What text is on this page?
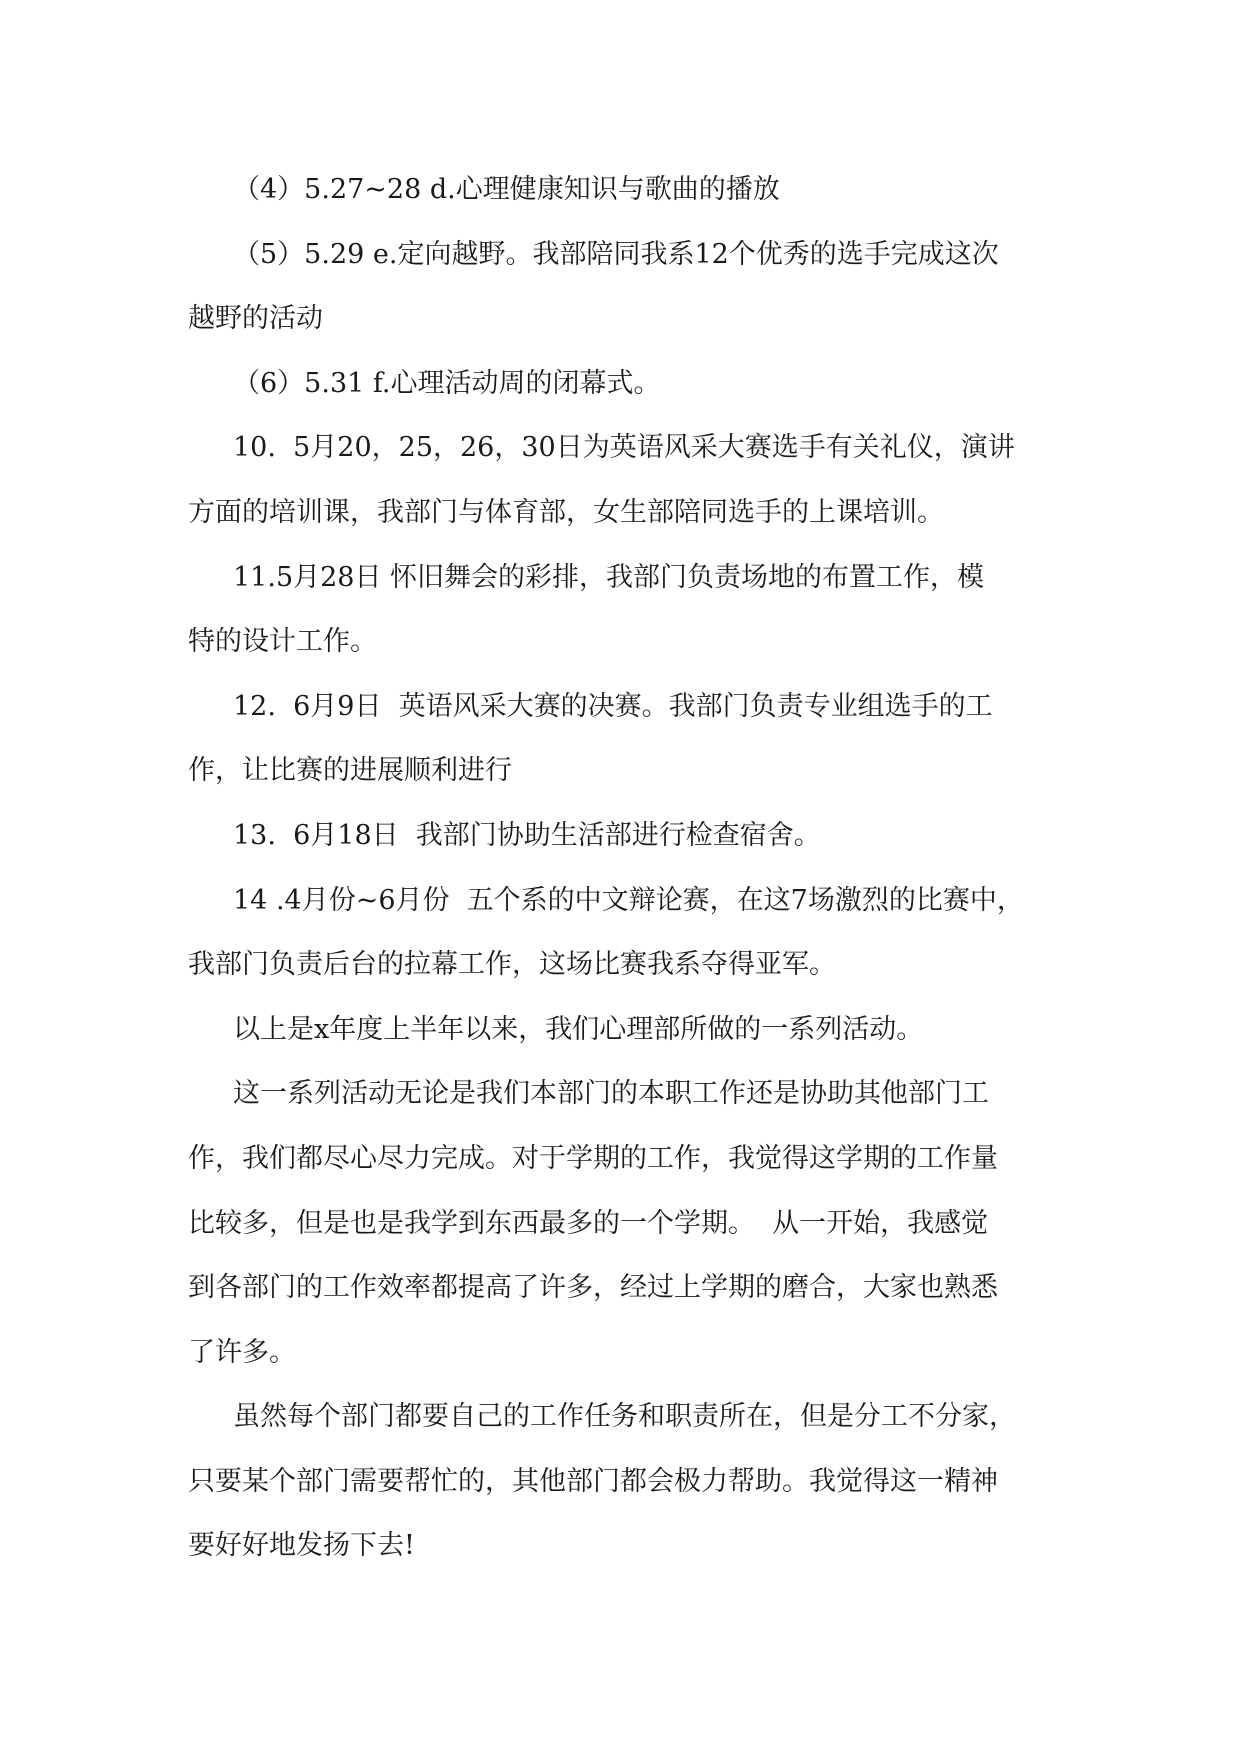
（4）5.27~28 d.心理健康知识与歌曲的播放
（5）5.29 e.定向越野。我部陪同我系12个优秀的选手完成这次
越野的活动
（6）5.31 f.心理活动周的闭幕式。
10.  5月20，25，26，30日为英语风采大赛选手有关礼仪，演讲
方面的培训课，我部门与体育部，女生部陪同选手的上课培训。
11.5月28日 怀旧舞会的彩排，我部门负责场地的布置工作，模
特的设计工作。
12.  6月9日  英语风采大赛的决赛。我部门负责专业组选手的工
作，让比赛的进展顺利进行
13.  6月18日  我部门协助生活部进行检查宿舍。
14 .4月份~6月份  五个系的中文辩论赛，在这7场激烈的比赛中，
我部门负责后台的拉幕工作，这场比赛我系夺得亚军。
以上是x年度上半年以来，我们心理部所做的一系列活动。
这一系列活动无论是我们本部门的本职工作还是协助其他部门工
作，我们都尽心尽力完成。对于学期的工作，我觉得这学期的工作量
比较多，但是也是我学到东西最多的一个学期。  从一开始，我感觉
到各部门的工作效率都提高了许多，经过上学期的磨合，大家也熟悉
了许多。
虽然每个部门都要自己的工作任务和职责所在，但是分工不分家，
只要某个部门需要帮忙的，其他部门都会极力帮助。我觉得这一精神
要好好地发扬下去!
